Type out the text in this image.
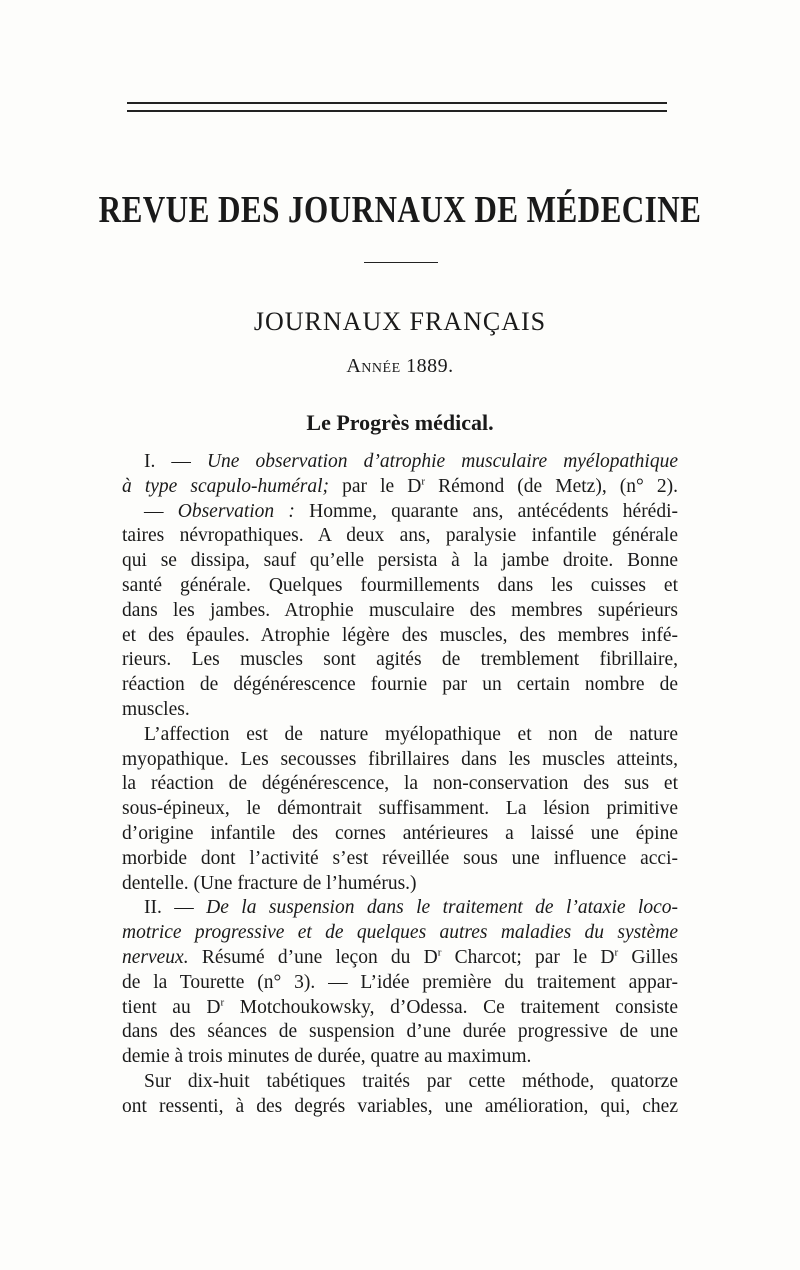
REVUE DES JOURNAUX DE MÉDECINE
JOURNAUX FRANÇAIS
Année 1889.
Le Progrès médical.
I. — Une observation d’atrophie musculaire myélopathique
à type scapulo-huméral; par le $D^r$ Rémond (de Metz), (n° 2).
— Observation : Homme, quarante ans, antécédents hérédi-
taires névropathiques. A deux ans, paralysie infantile générale
qui se dissipa, sauf qu’elle persista à la jambe droite. Bonne
santé générale. Quelques fourmillements dans les cuisses et
dans les jambes. Atrophie musculaire des membres supérieurs
et des épaules. Atrophie légère des muscles, des membres infé-
rieurs. Les muscles sont agités de tremblement fibrillaire,
réaction de dégénérescence fournie par un certain nombre de
muscles.
L’affection est de nature myélopathique et non de nature
myopathique. Les secousses fibrillaires dans les muscles atteints,
la réaction de dégénérescence, la non-conservation des sus et
sous-épineux, le démontrait suffisamment. La lésion primitive
d’origine infantile des cornes antérieures a laissé une épine
morbide dont l’activité s’est réveillée sous une influence acci-
dentelle. (Une fracture de l’humérus.)
II. — De la suspension dans le traitement de l’ataxie loco-
motrice progressive et de quelques autres maladies du système
nerveux. Résumé d’une leçon du $D^r$ Charcot; par le $D^r$ Gilles
de la Tourette (n° 3). — L’idée première du traitement appar-
tient au $D^r$ Motchoukowsky, d’Odessa. Ce traitement consiste
dans des séances de suspension d’une durée progressive de une
demie à trois minutes de durée, quatre au maximum.
Sur dix-huit tabétiques traités par cette méthode, quatorze
ont ressenti, à des degrés variables, une amélioration, qui, chez
